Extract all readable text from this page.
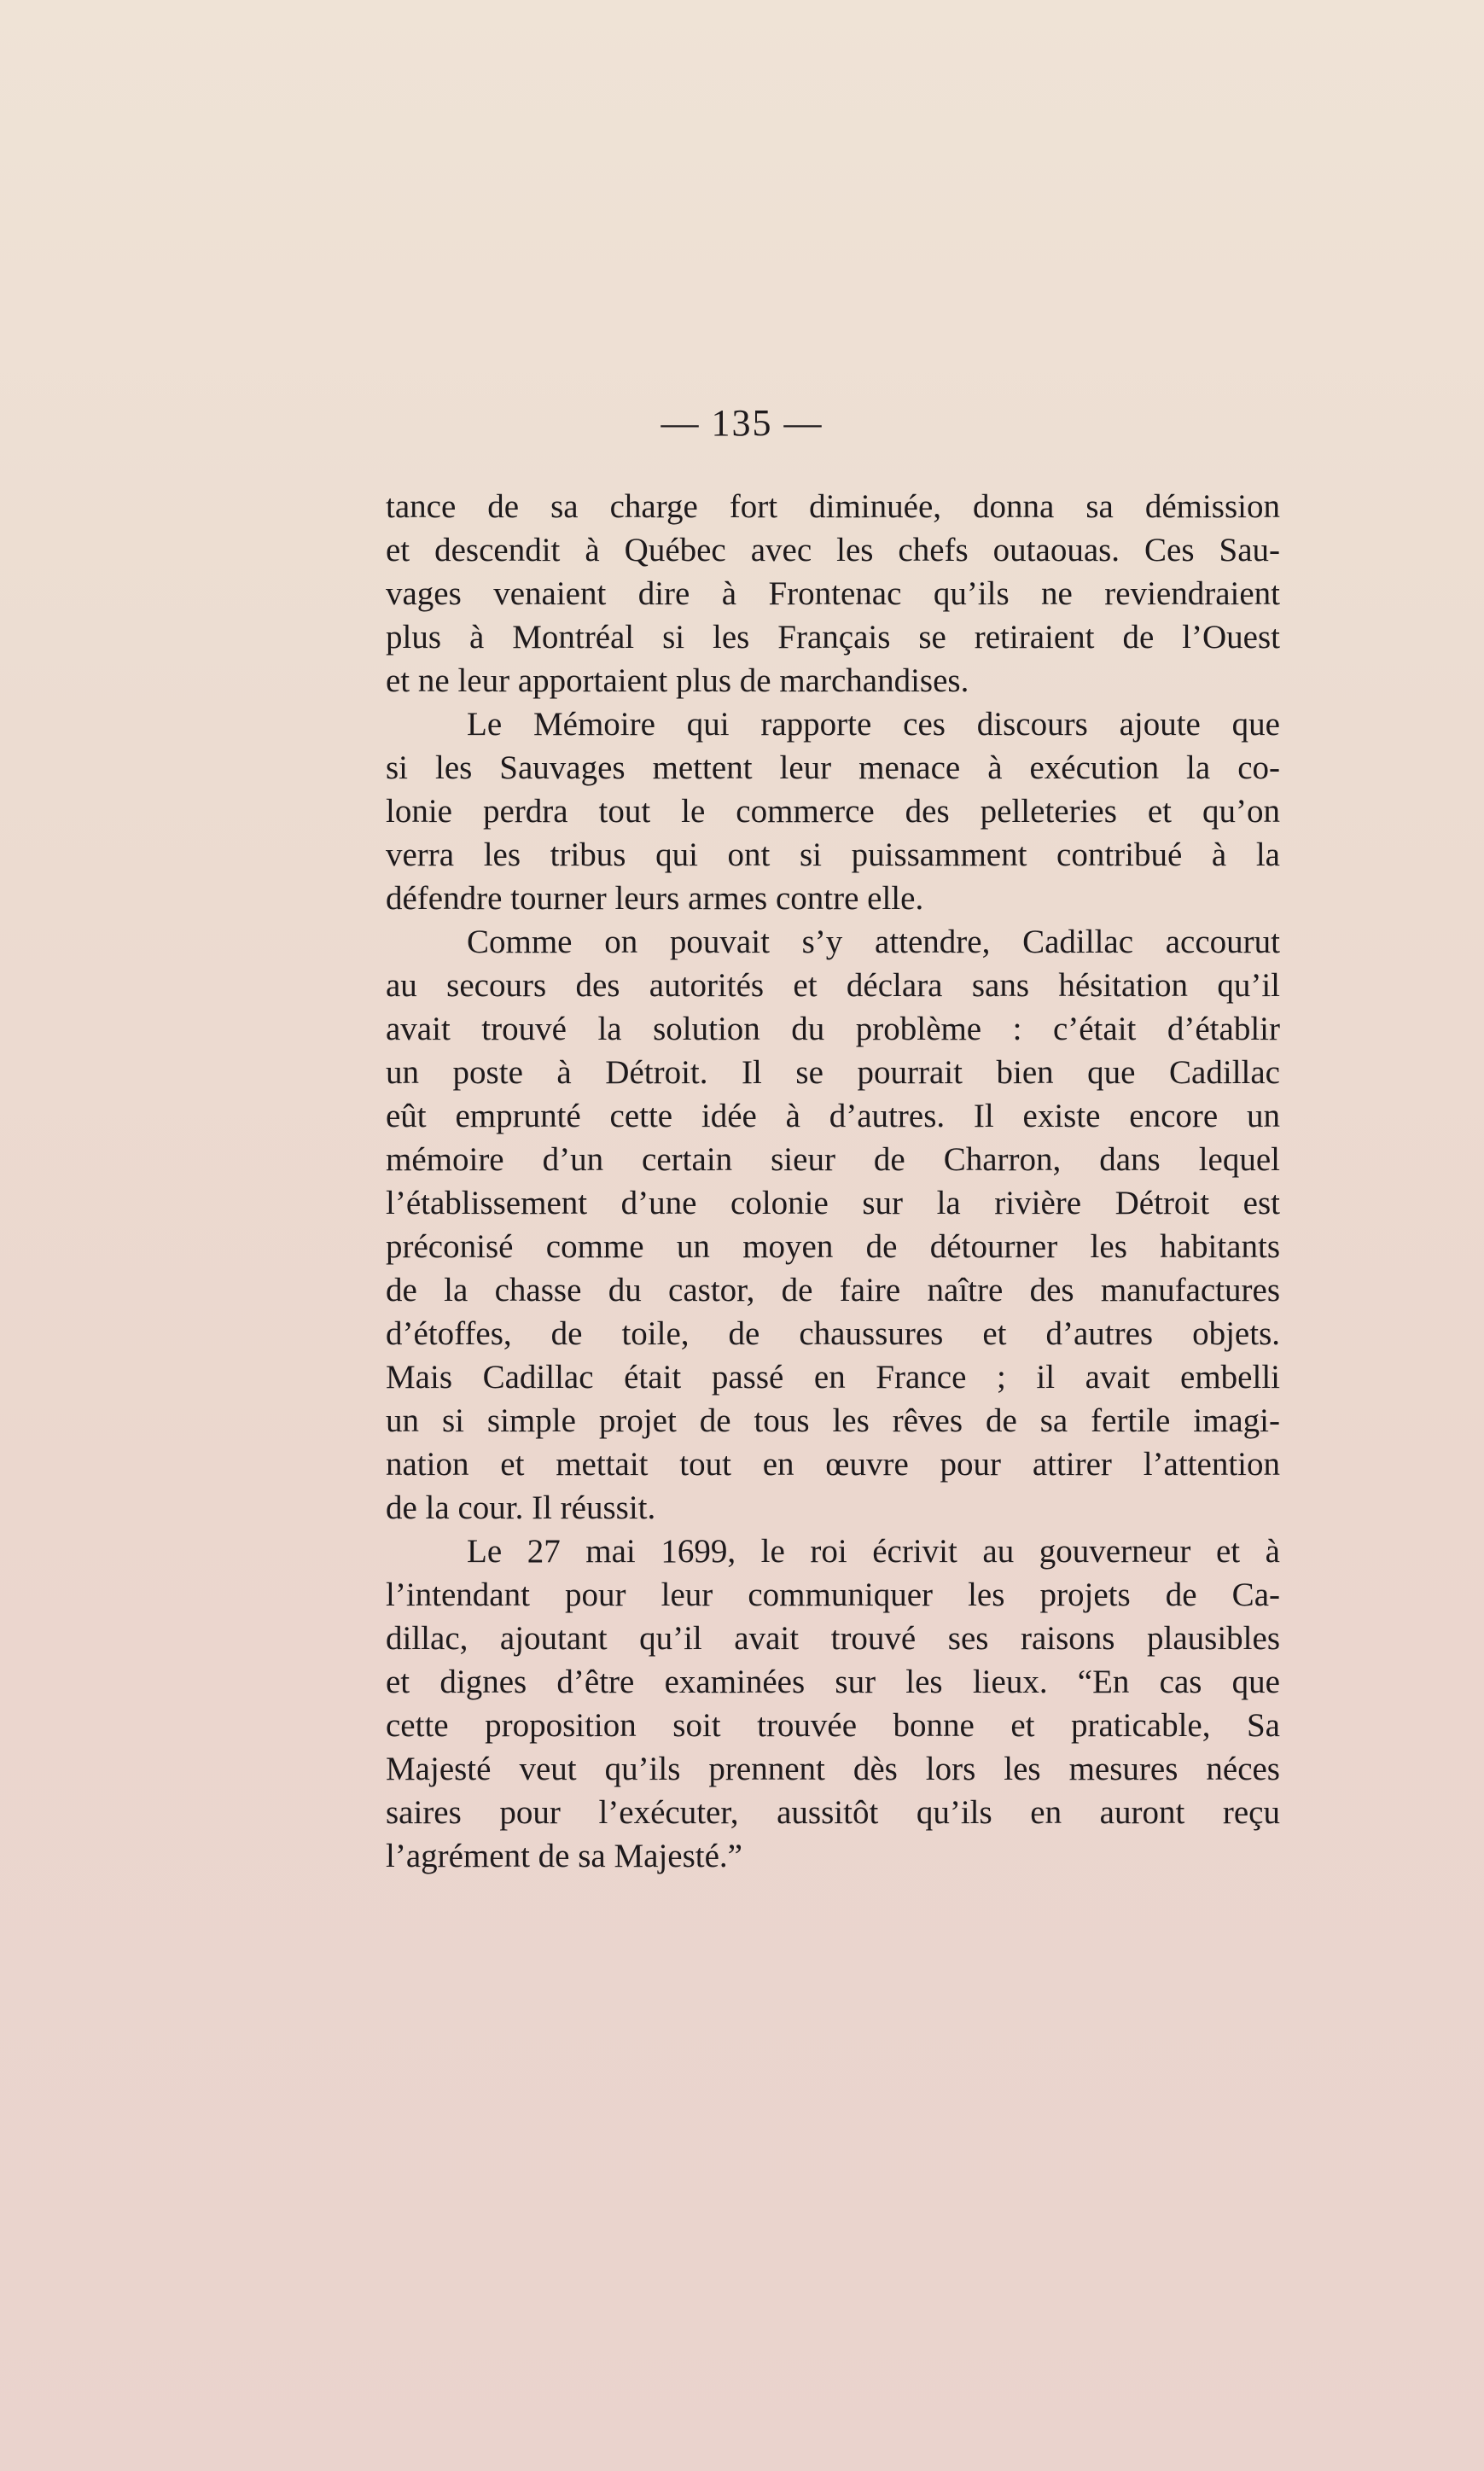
— 135 —
tance de sa charge fort diminuée, donna sa démission
et descendit à Québec avec les chefs outaouas. Ces Sau-
vages venaient dire à Frontenac qu’ils ne reviendraient
plus à Montréal si les Français se retiraient de l’Ouest
et ne leur apportaient plus de marchandises.
Le Mémoire qui rapporte ces discours ajoute que
si les Sauvages mettent leur menace à exécution la co-
lonie perdra tout le commerce des pelleteries et qu’on
verra les tribus qui ont si puissamment contribué à la
défendre tourner leurs armes contre elle.
Comme on pouvait s’y attendre, Cadillac accourut
au secours des autorités et déclara sans hésitation qu’il
avait trouvé la solution du problème : c’était d’établir
un poste à Détroit. Il se pourrait bien que Cadillac
eût emprunté cette idée à d’autres. Il existe encore un
mémoire d’un certain sieur de Charron, dans lequel
l’établissement d’une colonie sur la rivière Détroit est
préconisé comme un moyen de détourner les habitants
de la chasse du castor, de faire naître des manufactures
d’étoffes, de toile, de chaussures et d’autres objets.
Mais Cadillac était passé en France ; il avait embelli
un si simple projet de tous les rêves de sa fertile imagi-
nation et mettait tout en œuvre pour attirer l’attention
de la cour. Il réussit.
Le 27 mai 1699, le roi écrivit au gouverneur et à
l’intendant pour leur communiquer les projets de Ca-
dillac, ajoutant qu’il avait trouvé ses raisons plausibles
et dignes d’être examinées sur les lieux. “En cas que
cette proposition soit trouvée bonne et praticable, Sa
Majesté veut qu’ils prennent dès lors les mesures néces
saires pour l’exécuter, aussitôt qu’ils en auront reçu
l’agrément de sa Majesté.”
